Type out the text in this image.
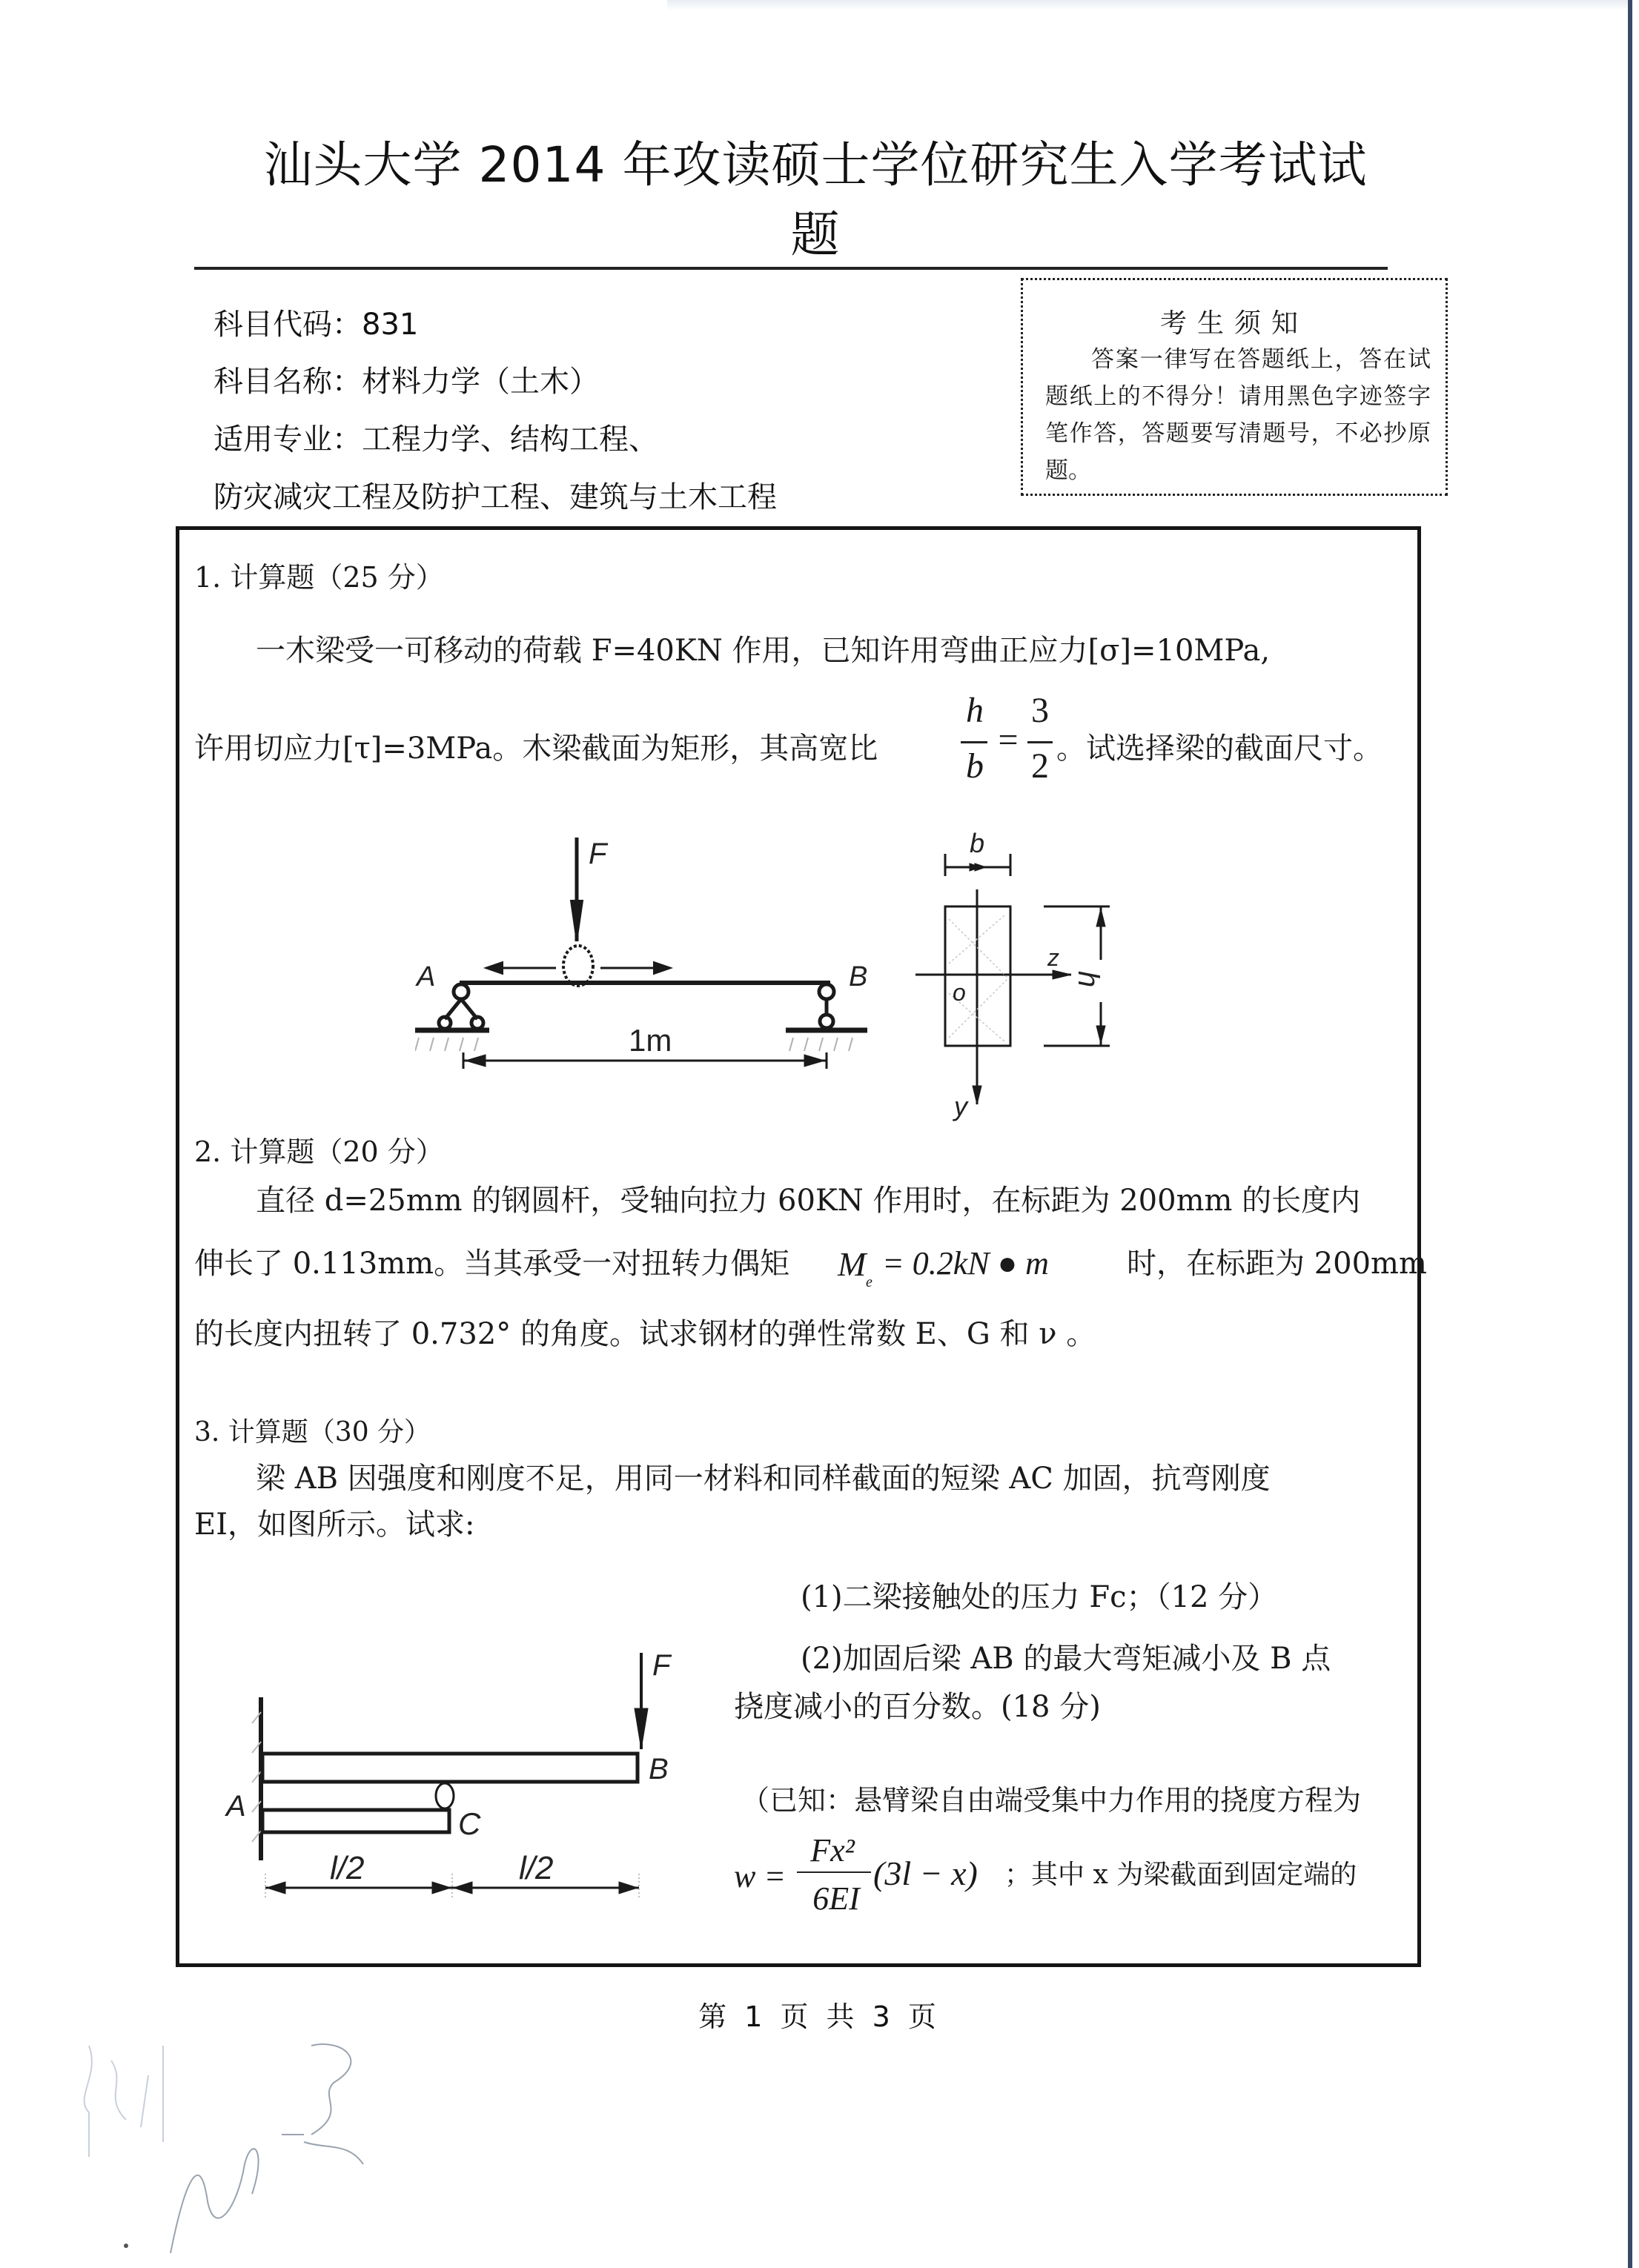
汕头大学 2014 年攻读硕士学位研究生入学考试试
题
科目代码：831
科目名称：材料力学（土木）
适用专业：工程力学、结构工程、
防灾减灾工程及防护工程、建筑与土木工程
考生须知
答案一律写在答题纸上，答在试题纸上的不得分！请用黑色字迹签字笔作答，答题要写清题号，不必抄原题。
1. 计算题（25 分）
一木梁受一可移动的荷载 F=40KN 作用，已知许用弯曲正应力[σ]=10MPa,
许用切应力[τ]=3MPa。木梁截面为矩形，其高宽比
h
b
=
3
2 。试选择梁的截面尺寸。
F
A	B
1m
b
z
h
o
y
2. 计算题（20 分）
直径 d=25mm 的钢圆杆，受轴向拉力 60KN 作用时，在标距为 200mm 的长度内
伸长了 0.113mm。当其承受一对扭转力偶矩 M e
= 0.2kN ● m	时，在标距为 200mm
的长度内扭转了 0.732° 的角度。试求钢材的弹性常数 E、G 和 ν 。
3. 计算题（30 分）
梁 AB 因强度和刚度不足，用同一材料和同样截面的短梁 AC 加固，抗弯刚度
EI，如图所示。试求:
(1)二梁接触处的压力 Fc；（12 分）
(2)加固后梁 AB 的最大弯矩减小及 B 点
挠度减小的百分数。(18 分)
（已知：悬臂梁自由端受集中力作用的挠度方程为
w =
Fx²
6EI
(3l − x) ；其中 x 为梁截面到固定端的
F
A
B
C
l/2	l/2
第 1 页 共 3 页
